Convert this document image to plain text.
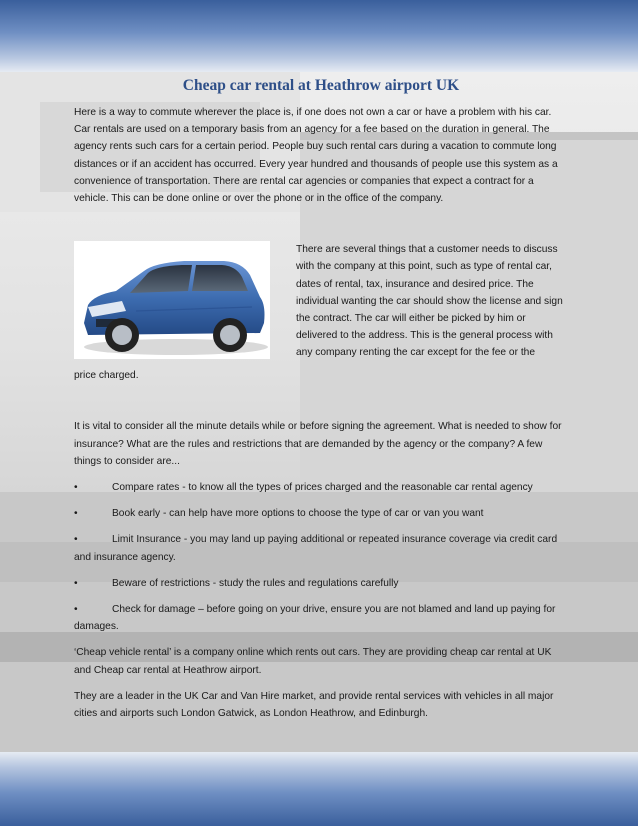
Cheap car rental at Heathrow airport UK

Here is a way to commute wherever the place is, if one does not own a car or have a problem with his car. Car rentals are used on a temporary basis from an agency for a fee based on the duration in general. The agency rents such cars for a certain period. People buy such rental cars during a vacation to commute long distances or if an accident has occurred. Every year hundred and thousands of people use this system as a convenience of transportation. There are rental car agencies or companies that expect a contract for a vehicle. This can be done online or over the phone or in the office of the company.

There are several things that a customer needs to discuss with the company at this point, such as type of rental car, dates of rental, tax, insurance and desired price. The individual wanting the car should show the license and sign the contract. The car will either be picked by him or delivered to the address. This is the general process with any company renting the car except for the fee or the

price charged.

It is vital to consider all the minute details while or before signing the agreement. What is needed to show for insurance? What are the rules and restrictions that are demanded by the agency or the company? A few things to consider are...

•	Compare rates - to know all the types of prices charged and the reasonable car rental agency
•	Book early - can help have more options to choose the type of car or van you want
•	Limit Insurance - you may land up paying additional or repeated insurance coverage via credit card and insurance agency.
•	Beware of restrictions - study the rules and regulations carefully
•	Check for damage – before going on your drive, ensure you are not blamed and land up paying for damages.

‘Cheap vehicle rental’ is a company online which rents out cars. They are providing cheap car rental at UK and Cheap car rental at Heathrow airport.

They are a leader in the UK Car and Van Hire market, and provide rental services with vehicles in all major cities and airports such London Gatwick, as London Heathrow, and Edinburgh.
